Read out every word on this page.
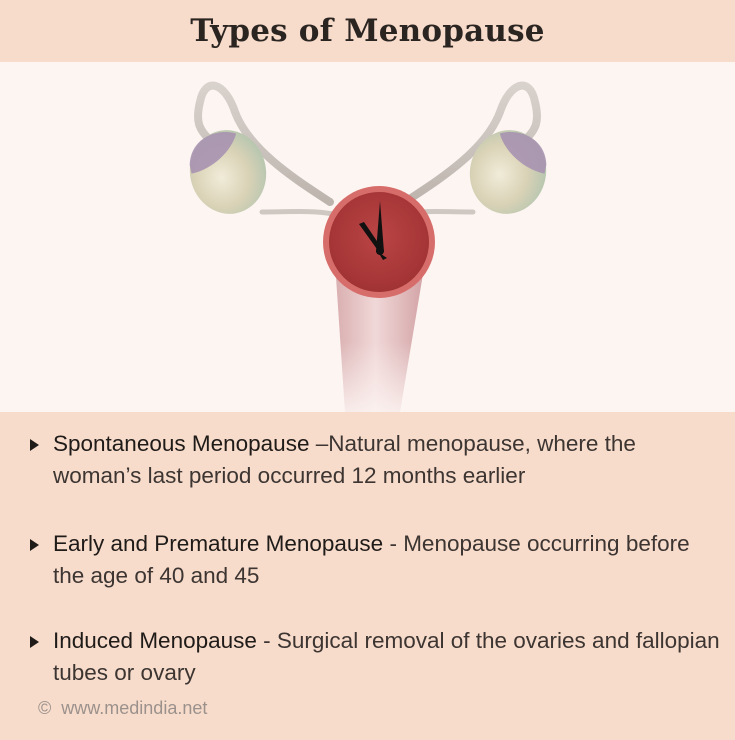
Types of Menopause
Spontaneous Menopause –Natural menopause, where the woman’s last period occurred 12 months earlier
Early and Premature Menopause - Menopause occurring before the age of 40 and 45
Induced Menopause - Surgical removal of the ovaries and fallopian tubes or ovary
© www.medindia.net
